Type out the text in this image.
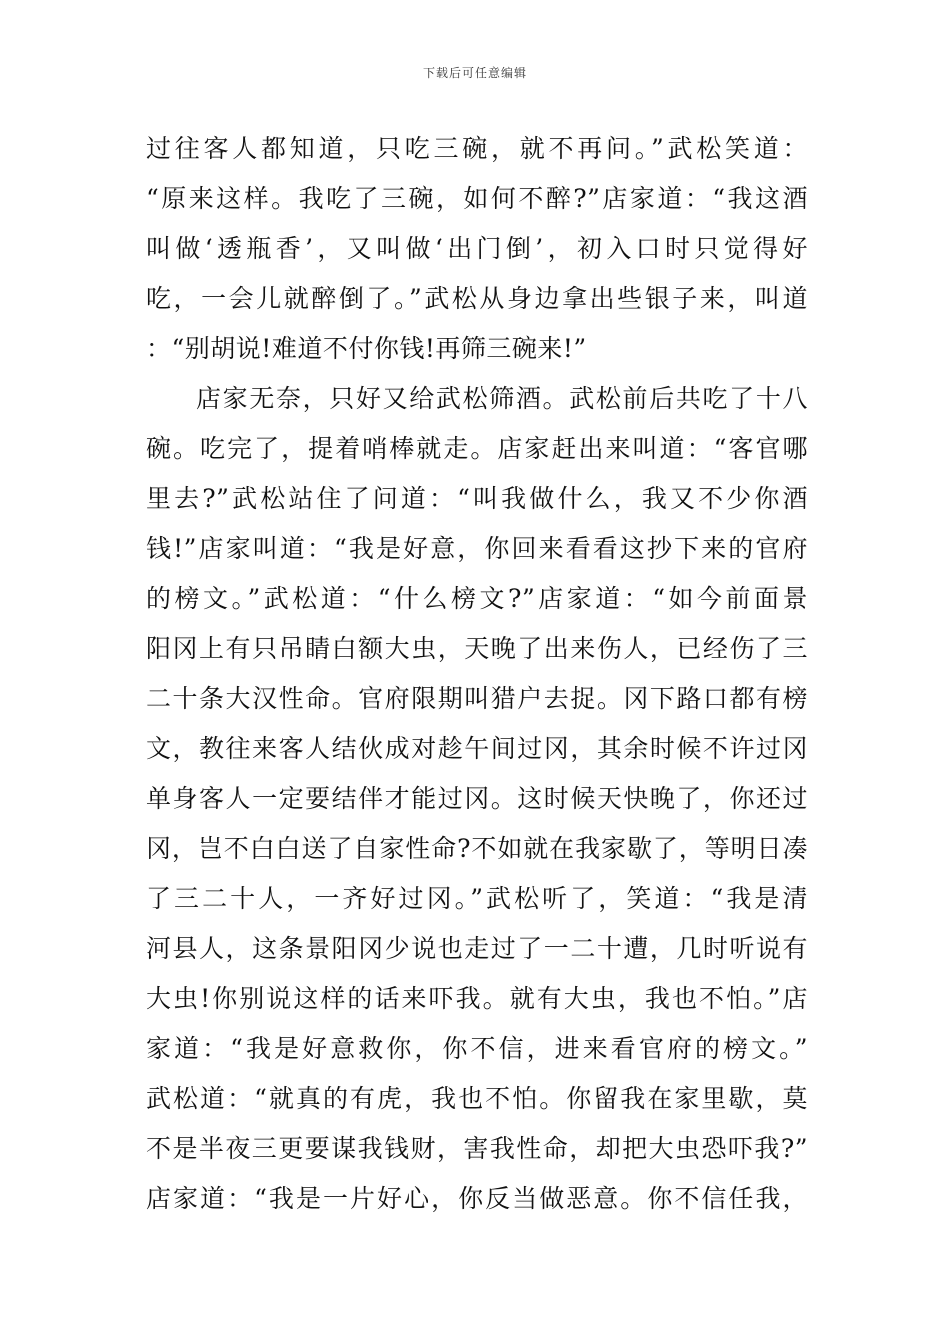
下载后可任意编辑
过往客人都知道，只吃三碗，就不再问。”武松笑道：
“原来这样。我吃了三碗，如何不醉?”店家道：“我这酒
叫做‘透瓶香’，又叫做‘出门倒’，初入口时只觉得好
吃，一会儿就醉倒了。”武松从身边拿出些银子来，叫道
：“别胡说!难道不付你钱!再筛三碗来!”
店家无奈，只好又给武松筛酒。武松前后共吃了十八
碗。吃完了，提着哨棒就走。店家赶出来叫道：“客官哪
里去?”武松站住了问道：“叫我做什么，我又不少你酒
钱!”店家叫道：“我是好意，你回来看看这抄下来的官府
的榜文。”武松道：“什么榜文?”店家道：“如今前面景
阳冈上有只吊睛白额大虫，天晚了出来伤人，已经伤了三
二十条大汉性命。官府限期叫猎户去捉。冈下路口都有榜
文，教往来客人结伙成对趁午间过冈，其余时候不许过冈
单身客人一定要结伴才能过冈。这时候天快晚了，你还过
冈，岂不白白送了自家性命?不如就在我家歇了，等明日凑
了三二十人，一齐好过冈。”武松听了，笑道：“我是清
河县人，这条景阳冈少说也走过了一二十遭，几时听说有
大虫!你别说这样的话来吓我。就有大虫，我也不怕。”店
家道：“我是好意救你，你不信，进来看官府的榜文。”
武松道：“就真的有虎，我也不怕。你留我在家里歇，莫
不是半夜三更要谋我钱财，害我性命，却把大虫恐吓我?”
店家道：“我是一片好心，你反当做恶意。你不信任我，
